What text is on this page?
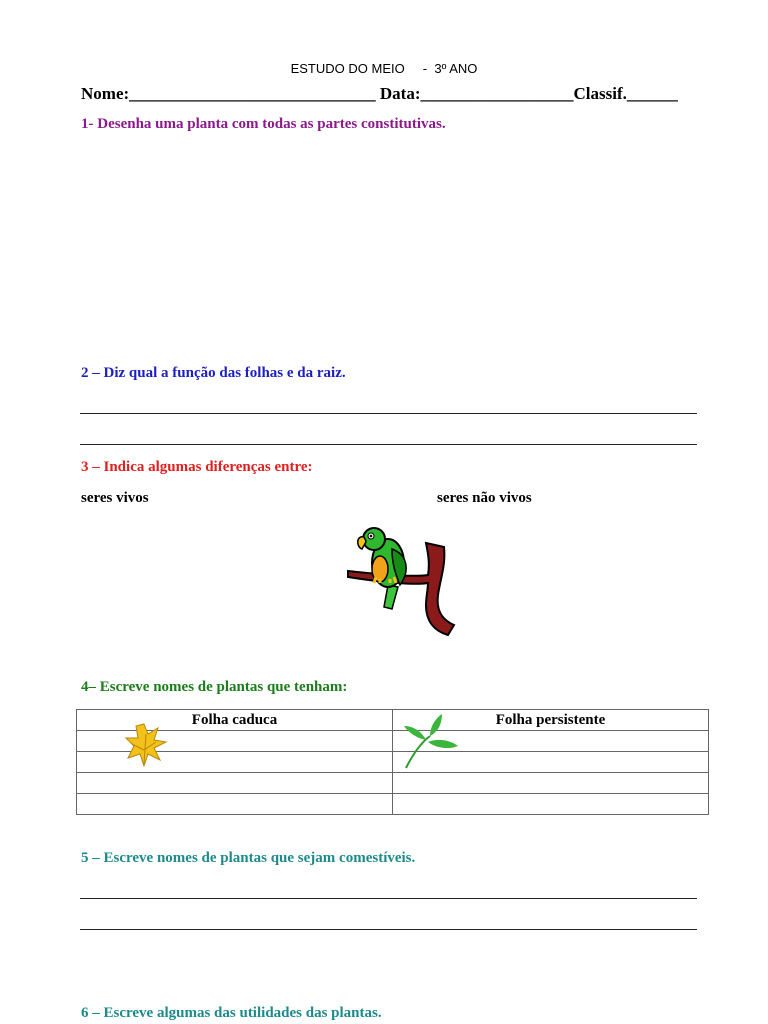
ESTUDO DO MEIO - 3º ANO
Nome:_____________________________ Data:__________________Classif.______
1- Desenha uma planta com todas as partes constitutivas.
2 – Diz qual a função das folhas e da raiz.
3 – Indica algumas diferenças entre:
seres vivos	seres não vivos
4– Escreve nomes de plantas que tenham:
Folha caduca	Folha persistente

5 – Escreve nomes de plantas que sejam comestíveis.
6 – Escreve algumas das utilidades das plantas.
